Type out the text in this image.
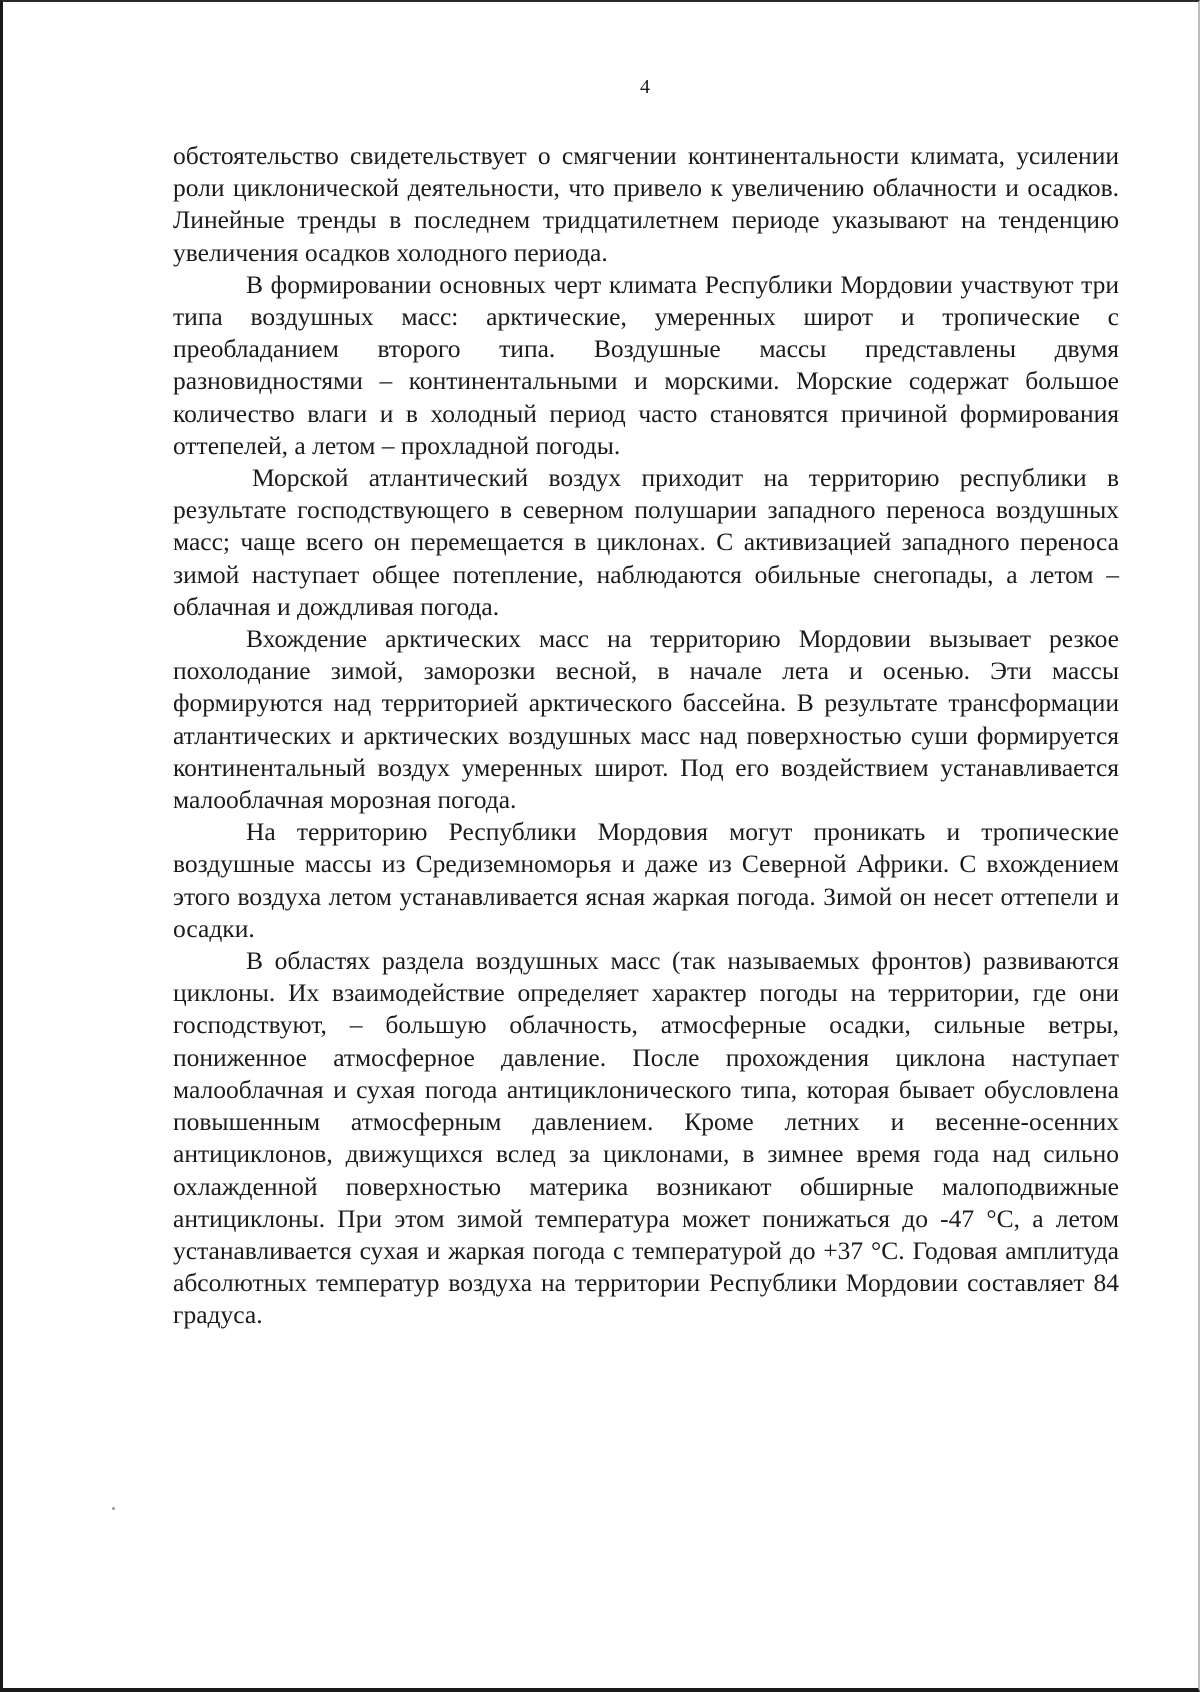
4

обстоятельство свидетельствует о смягчении континентальности климата, усилении роли циклонической деятельности, что привело к увеличению облачности и осадков. Линейные тренды в последнем тридцатилетнем периоде указывают на тенденцию увеличения осадков холодного периода.

В формировании основных черт климата Республики Мордовии участвуют три типа воздушных масс: арктические, умеренных широт и тропические с преобладанием второго типа. Воздушные массы представлены двумя разновидностями – континентальными и морскими. Морские содержат большое количество влаги и в холодный период часто становятся причиной формирования оттепелей, а летом – прохладной погоды.

Морской атлантический воздух приходит на территорию республики в результате господствующего в северном полушарии западного переноса воздушных масс; чаще всего он перемещается в циклонах. С активизацией западного переноса зимой наступает общее потепление, наблюдаются обильные снегопады, а летом – облачная и дождливая погода.

Вхождение арктических масс на территорию Мордовии вызывает резкое похолодание зимой, заморозки весной, в начале лета и осенью. Эти массы формируются над территорией арктического бассейна. В результате трансформации атлантических и арктических воздушных масс над поверхностью суши формируется континентальный воздух умеренных широт. Под его воздействием устанавливается малооблачная морозная погода.

На территорию Республики Мордовия могут проникать и тропические воздушные массы из Средиземноморья и даже из Северной Африки. С вхождением этого воздуха летом устанавливается ясная жаркая погода. Зимой он несет оттепели и осадки.

В областях раздела воздушных масс (так называемых фронтов) развиваются циклоны. Их взаимодействие определяет характер погоды на территории, где они господствуют, – большую облачность, атмосферные осадки, сильные ветры, пониженное атмосферное давление. После прохождения циклона наступает малооблачная и сухая погода антициклонического типа, которая бывает обусловлена повышенным атмосферным давлением. Кроме летних и весенне-осенних антициклонов, движущихся вслед за циклонами, в зимнее время года над сильно охлажденной поверхностью материка возникают обширные малоподвижные антициклоны. При этом зимой температура может понижаться до -47 °С, а летом устанавливается сухая и жаркая погода с температурой до +37 °С. Годовая амплитуда абсолютных температур воздуха на территории Республики Мордовии составляет 84 градуса.
